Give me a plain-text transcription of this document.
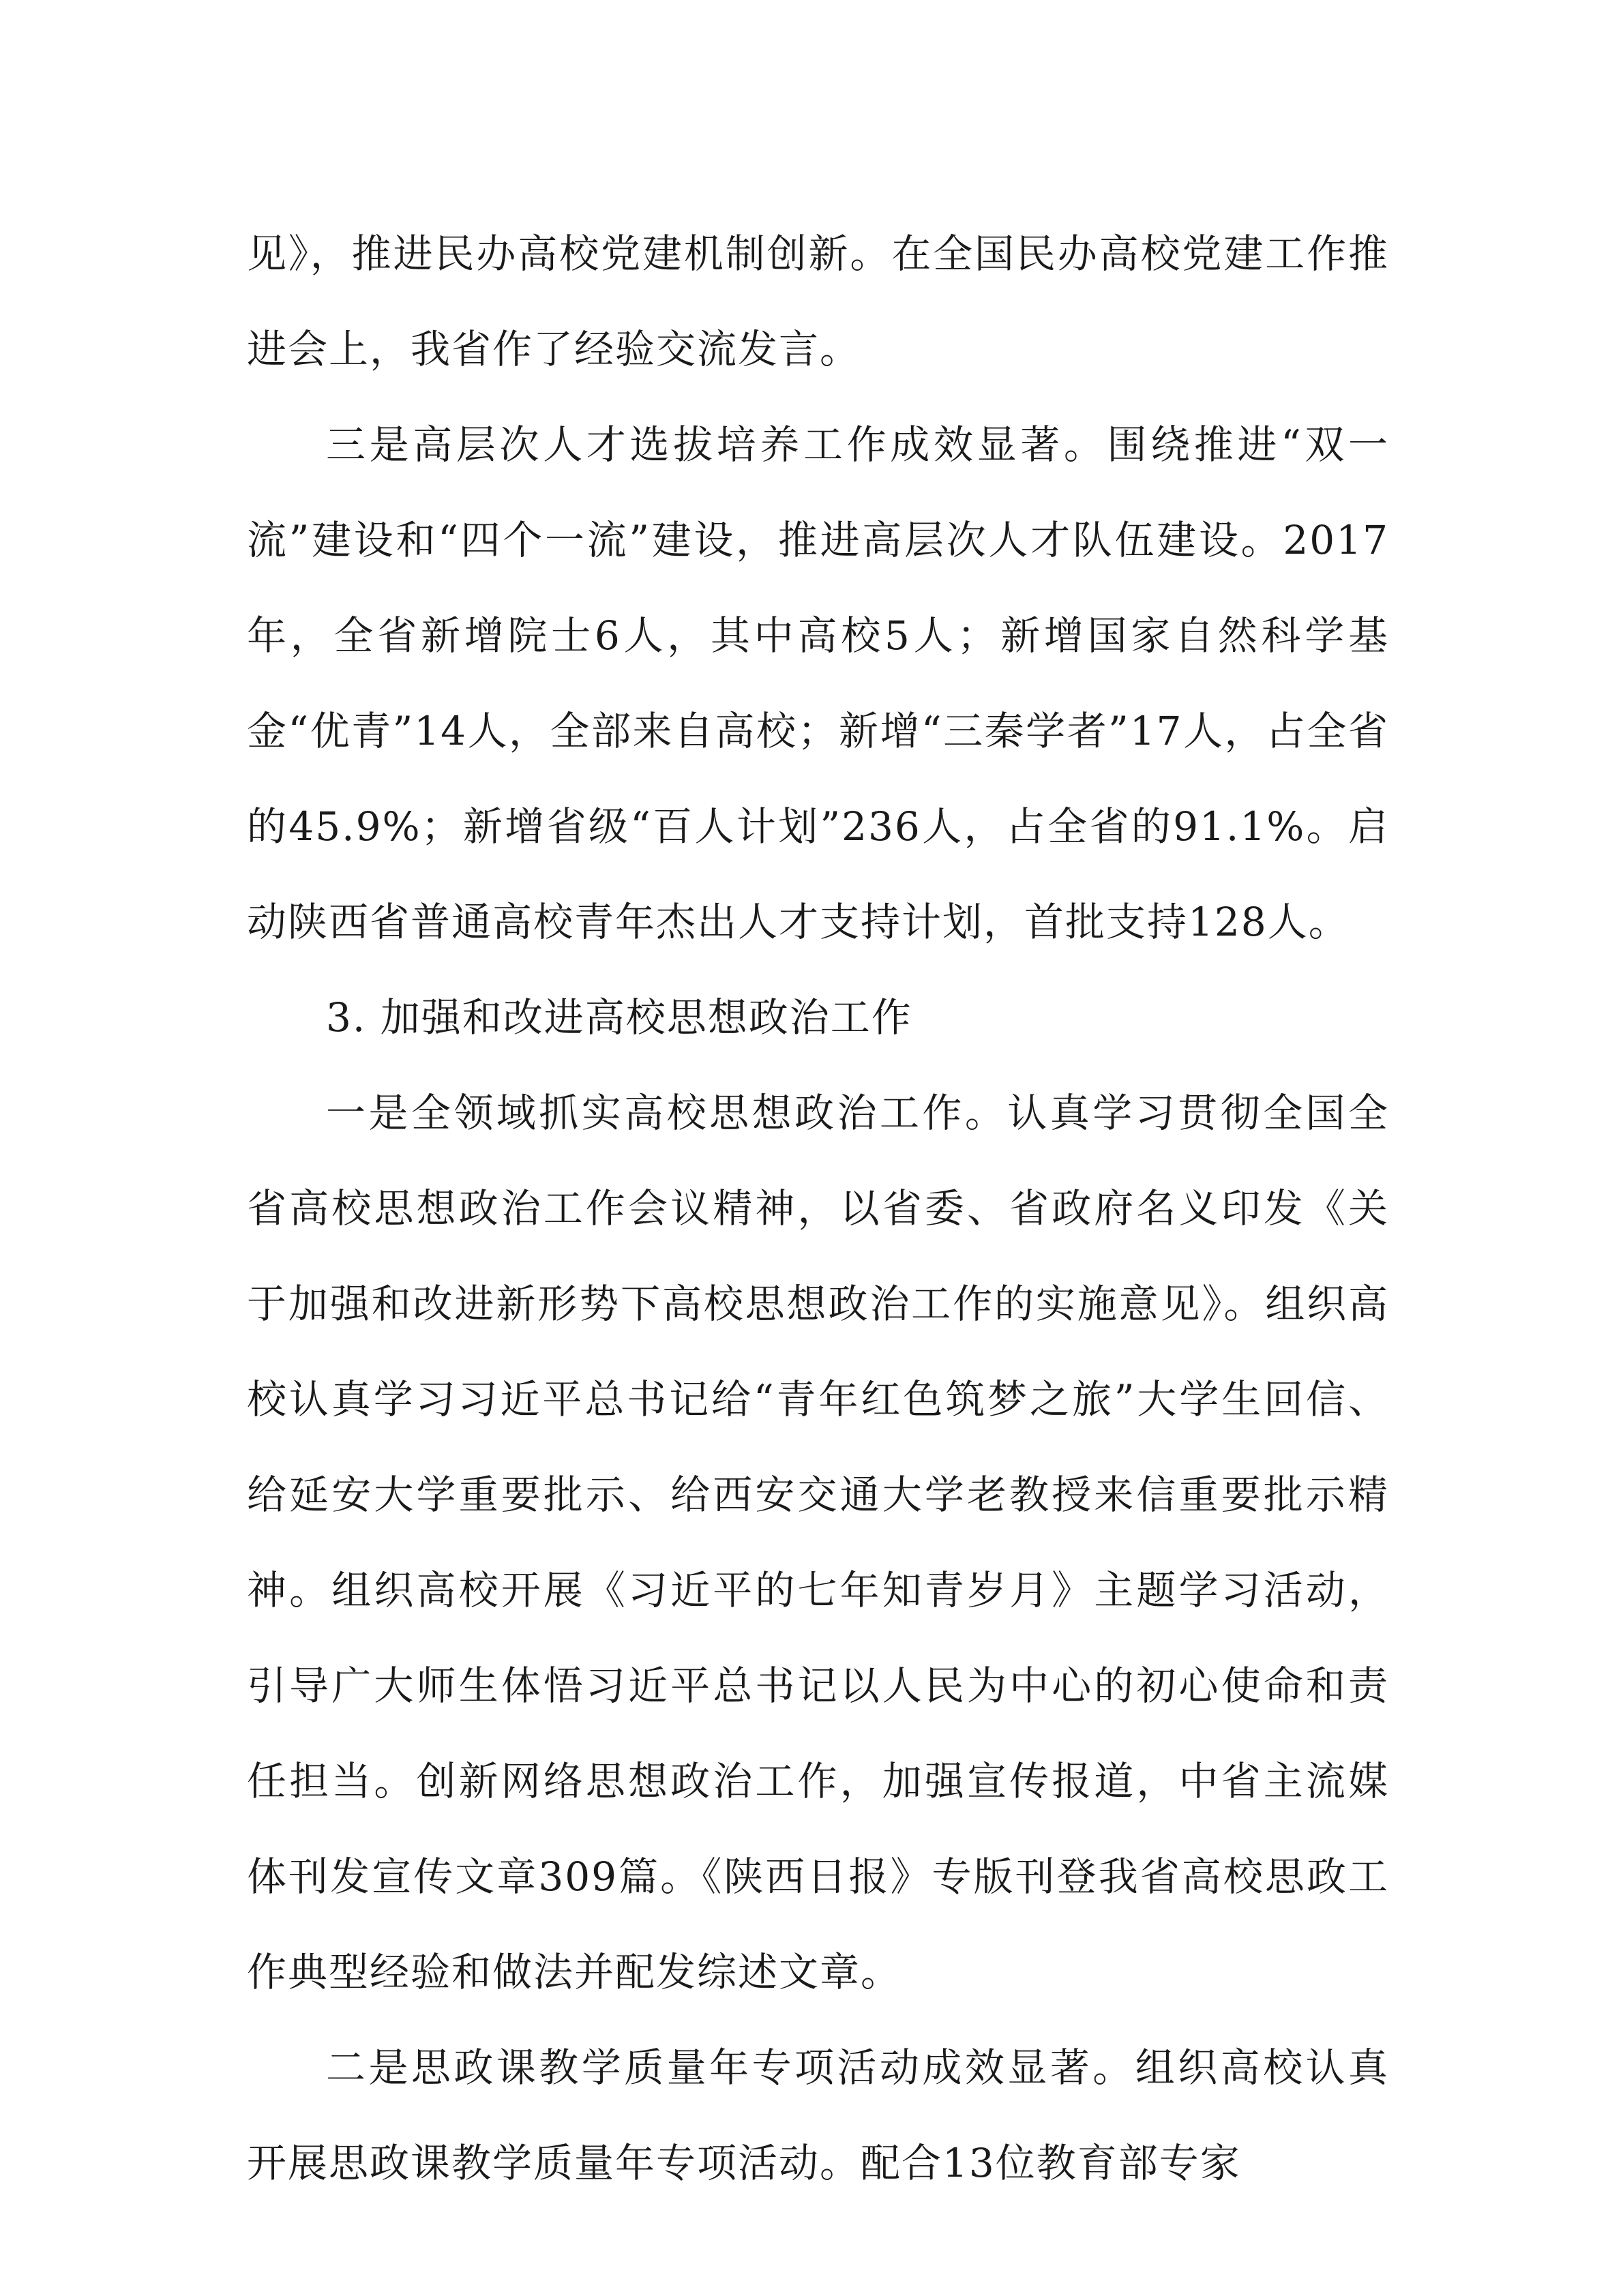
见》，推进民办高校党建机制创新。在全国民办高校党建工作推进会上，我省作了经验交流发言。

三是高层次人才选拔培养工作成效显著。围绕推进“双一流”建设和“四个一流”建设，推进高层次人才队伍建设。2017年，全省新增院士6人，其中高校5人；新增国家自然科学基金“优青”14人，全部来自高校；新增“三秦学者”17人，占全省的45.9%；新增省级“百人计划”236人，占全省的91.1%。启动陕西省普通高校青年杰出人才支持计划，首批支持128人。

3. 加强和改进高校思想政治工作

一是全领域抓实高校思想政治工作。认真学习贯彻全国全省高校思想政治工作会议精神，以省委、省政府名义印发《关于加强和改进新形势下高校思想政治工作的实施意见》。组织高校认真学习习近平总书记给“青年红色筑梦之旅”大学生回信、给延安大学重要批示、给西安交通大学老教授来信重要批示精神。组织高校开展《习近平的七年知青岁月》主题学习活动，引导广大师生体悟习近平总书记以人民为中心的初心使命和责任担当。创新网络思想政治工作，加强宣传报道，中省主流媒体刊发宣传文章309篇。《陕西日报》专版刊登我省高校思政工作典型经验和做法并配发综述文章。

二是思政课教学质量年专项活动成效显著。组织高校认真开展思政课教学质量年专项活动。配合13位教育部专家
